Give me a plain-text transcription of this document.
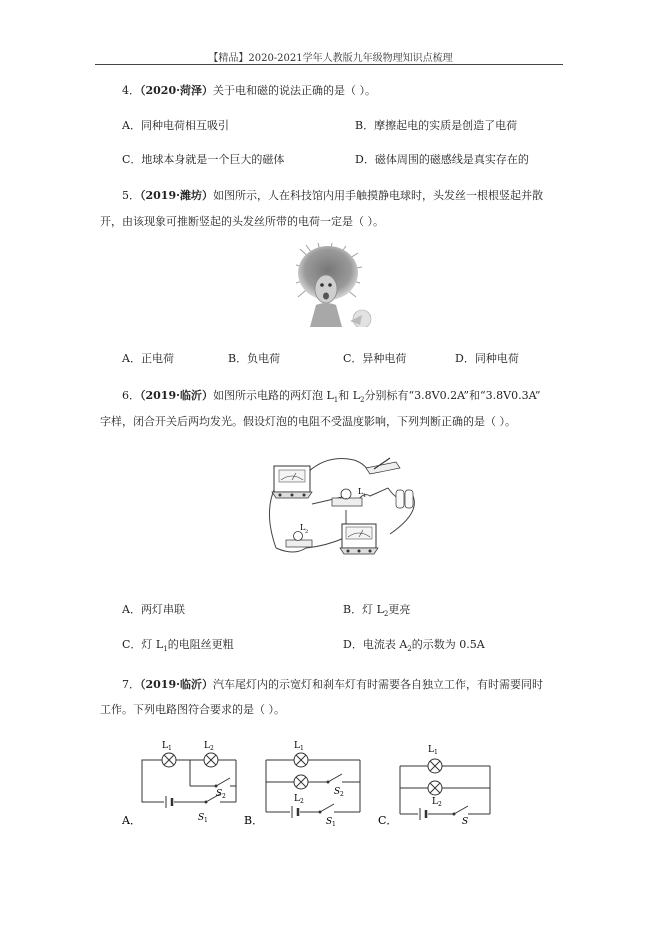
【精品】2020-2021学年人教版九年级物理知识点梳理
4．（2020·菏泽）关于电和磁的说法正确的是（ ）。
A．同种电荷相互吸引	B．摩擦起电的实质是创造了电荷
C．地球本身就是一个巨大的磁体	D．磁体周围的磁感线是真实存在的
5．（2019·潍坊）如图所示，人在科技馆内用手触摸静电球时，头发丝一根根竖起并散
开，由该现象可推断竖起的头发丝所带的电荷一定是（ ）。
A．正电荷	B．负电荷	C．异种电荷	D．同种电荷
6．（2019·临沂）如图所示电路的两灯泡 $L_1$和 $L_2$分别标有“3.8V0.2A”和“3.8V0.3A”
字样，闭合开关后两均发光。假设灯泡的电阻不受温度影响，下列判断正确的是（ ）。
L 1
L 2
A．两灯串联	B．灯 $L_2$更亮
C．灯 $L_1$的电阻丝更粗	D．电流表 $A_2$的示数为 0.5A
7．（2019·临沂）汽车尾灯内的示宽灯和刹车灯有时需要各自独立工作，有时需要同时
工作。下列电路图符合要求的是（ ）。
L 1	L 2
S 2
S 1
A．
L 1
L 2
S 2
S 1
B．
L 1
L 2
S
C．
